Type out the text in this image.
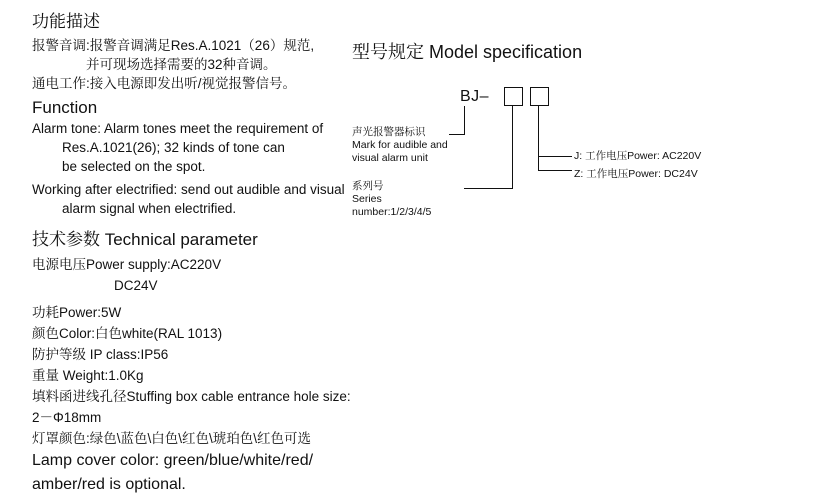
功能描述
报警音调: 报警音调满足Res.A.1021（26）规范,
并可现场选择需要的32种音调。
通电工作: 接入电源即发出听/视觉报警信号。
Function
Alarm tone: Alarm tones meet the requirement of
Res.A.1021(26); 32 kinds of tone can
be selected on the spot.
Working after electrified: send out audible and visual
alarm signal when electrified.
技术参数 Technical parameter
电源电压Power supply:AC220V
DC24V
功耗Power:5W
颜色Color:白色white(RAL 1013)
防护等级 IP class:IP56
重量 Weight:1.0Kg
填料函进线孔径Stuffing box cable entrance hole size:
2－Φ18mm
灯罩颜色:绿色\蓝色\白色\红色\琥珀色\红色可选
Lamp cover color: green/blue/white/red/
amber/red is optional.
型号规定 Model specification
BJ–
声光报警器标识
Mark for audible and
visual alarm unit
系列号
Series number:1/2/3/4/5
J: 工作电压Power: AC220V
Z: 工作电压Power: DC24V
